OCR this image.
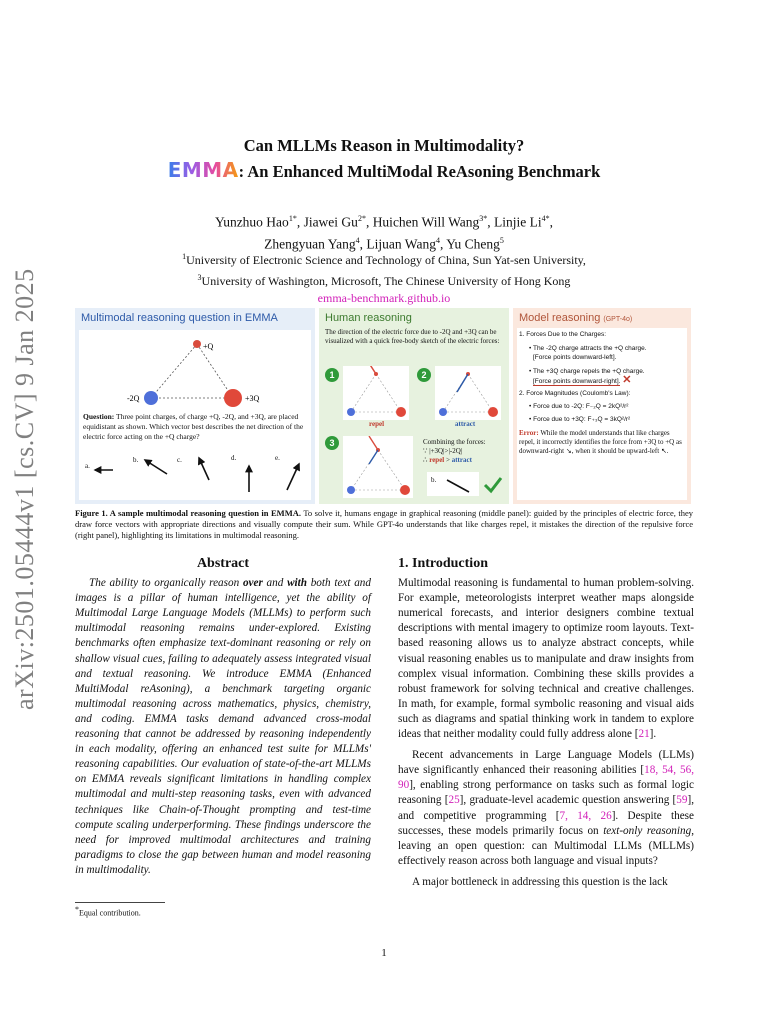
arXiv:2501.05444v1 [cs.CV] 9 Jan 2025
Can MLLMs Reason in Multimodality?
EMMA: An Enhanced MultiModal ReAsoning Benchmark
Yunzhuo Hao$^{1*}$, Jiawei $Gu^{2*}$, Huichen Will Wang$^{3*}$, Linjie $Li^{4*}$,
Zhengyuan Yang$^4$, Lijuan Wang$^4$, Yu Cheng$^5$
$^1$University of Electronic Science and Technology of China, Sun Yat-sen University,
$^3$University of Washington, Microsoft, The Chinese University of Hong Kong
emma-benchmark.github.io
Multimodal reasoning question in EMMA
+Q
-2Q	+3Q
Question: Three point charges, of charge +Q, -2Q, and +3Q, are placed equidistant as shown. Which vector best describes the net direction of the electric force acting on the +Q charge?
a.
b.	c.	d.	e.
Human reasoning
The direction of the electric force due to -2Q and +3Q can be visualized with a quick free-body sketch of the electric forces:
1	2
3
repel	attract
Combining the forces:
∵ |+3Q|>|-2Q|
∴ repel > attract
b.
Model reasoning (GPT-4o)
1. Forces Due to the Charges:
• The -2Q charge attracts the +Q charge.
[Force points downward-left].
• The +3Q charge repels the +Q charge.
[Force points downward-right]. ✕
2. Force Magnitudes (Coulomb's Law):
• Force due to -2Q: F₋₂Q = 2kQ²/r²
• Force due to +3Q: F₊₃Q = 3kQ²/r²
Error: While the model understands that like charges repel, it incorrectly identifies the force from +3Q to +Q as downward-right ↘, when it should be upward-left ↖.
Figure 1. A sample multimodal reasoning question in EMMA. To solve it, humans engage in graphical reasoning (middle panel): guided by the principles of electric force, they draw force vectors with appropriate directions and visually compute their sum. While GPT-4o understands that like charges repel, it mistakes the direction of the repulsive force (right panel), highlighting its limitations in multimodal reasoning.
Abstract
The ability to organically reason over and with both text and images is a pillar of human intelligence, yet the ability of Multimodal Large Language Models (MLLMs) to perform such multimodal reasoning remains under-explored. Existing benchmarks often emphasize text-dominant reasoning or rely on shallow visual cues, failing to adequately assess integrated visual and textual reasoning. We introduce EMMA (Enhanced MultiModal reAsoning), a benchmark targeting organic multimodal reasoning across mathematics, physics, chemistry, and coding. EMMA tasks demand advanced cross-modal reasoning that cannot be addressed by reasoning independently in each modality, offering an enhanced test suite for MLLMs' reasoning capabilities. Our evaluation of state-of-the-art MLLMs on EMMA reveals significant limitations in handling complex multimodal and multi-step reasoning tasks, even with advanced techniques like Chain-of-Thought prompting and test-time compute scaling underperforming. These findings underscore the need for improved multimodal architectures and training paradigms to close the gap between human and model reasoning in multimodality.
*Equal contribution.
1. Introduction
Multimodal reasoning is fundamental to human problem-solving. For example, meteorologists interpret weather maps alongside numerical forecasts, and interior designers combine textual descriptions with mental imagery to optimize room layouts. Text-based reasoning allows us to analyze abstract concepts, while visual reasoning enables us to manipulate and draw insights from complex visual information. Combining these skills provides a robust framework for solving technical and creative challenges. In math, for example, formal symbolic reasoning and visual aids such as diagrams and spatial thinking work in tandem to explore ideas that neither modality could fully address alone [21].
Recent advancements in Large Language Models (LLMs) have significantly enhanced their reasoning abilities [18, 54, 56, 90], enabling strong performance on tasks such as formal logic reasoning [25], graduate-level academic question answering [59], and competitive programming [7, 14, 26]. Despite these successes, these models primarily focus on text-only reasoning, leaving an open question: can Multimodal LLMs (MLLMs) effectively reason across both language and visual inputs?
A major bottleneck in addressing this question is the lack
1
